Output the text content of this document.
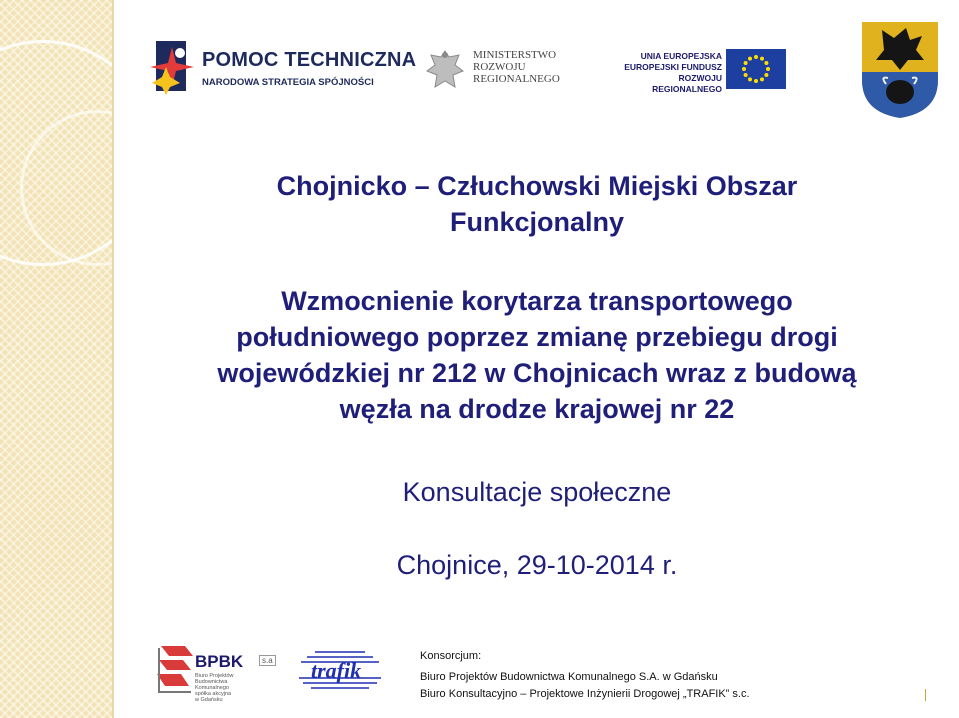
POMOC TECHNICZNA
NARODOWA STRATEGIA SPÓJNOŚCI
MINISTERSTWO
ROZWOJU
REGIONALNEGO
UNIA EUROPEJSKA
EUROPEJSKI FUNDUSZ
ROZWOJU REGIONALNEGO
Chojnicko – Człuchowski Miejski Obszar
Funkcjonalny
Wzmocnienie korytarza transportowego
południowego poprzez zmianę przebiegu drogi
wojewódzkiej nr 212 w Chojnicach wraz z budową
węzła na drodze krajowej nr 22
Konsultacje społeczne
Chojnice, 29-10-2014 r.
BPBK	s.a
Biuro Projektów
Budownictwa
Komunalnego
spółka akcyjna
w Gdańsku
trafik
Konsorcjum:
Biuro Projektów Budownictwa Komunalnego S.A. w Gdańsku
Biuro Konsultacyjno – Projektowe Inżynierii Drogowej „TRAFIK” s.c.
